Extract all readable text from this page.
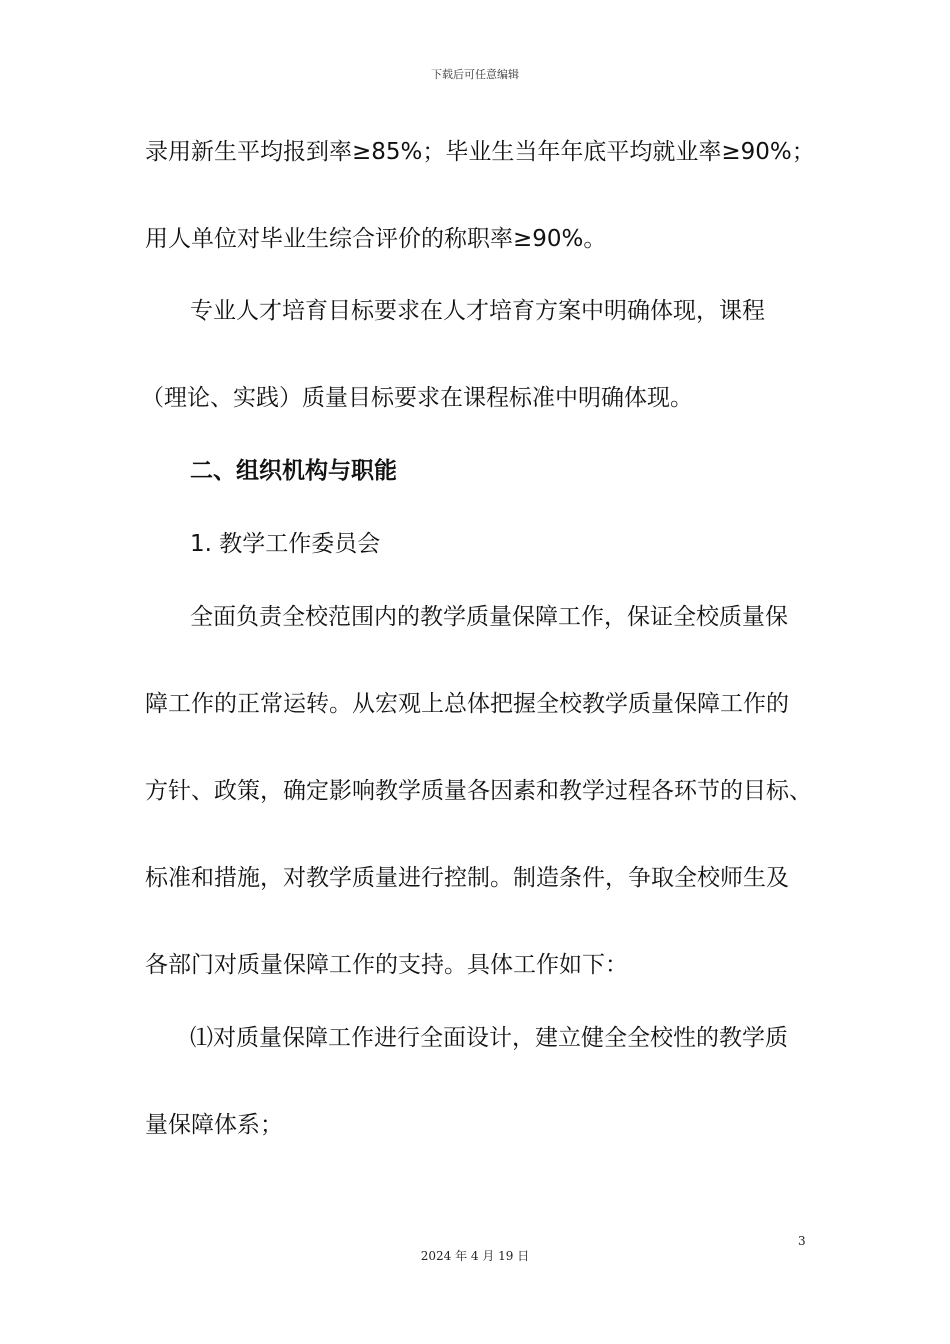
下载后可任意编辑
录用新生平均报到率≥85%；毕业生当年年底平均就业率≥90%；
用人单位对毕业生综合评价的称职率≥90%。
专业人才培育目标要求在人才培育方案中明确体现，课程
（理论、实践）质量目标要求在课程标准中明确体现。
二、组织机构与职能
1. 教学工作委员会
全面负责全校范围内的教学质量保障工作，保证全校质量保
障工作的正常运转。从宏观上总体把握全校教学质量保障工作的
方针、政策，确定影响教学质量各因素和教学过程各环节的目标、
标准和措施，对教学质量进行控制。制造条件，争取全校师生及
各部门对质量保障工作的支持。具体工作如下：
⑴对质量保障工作进行全面设计，建立健全全校性的教学质
量保障体系；
3
2024 年 4 月 19 日
